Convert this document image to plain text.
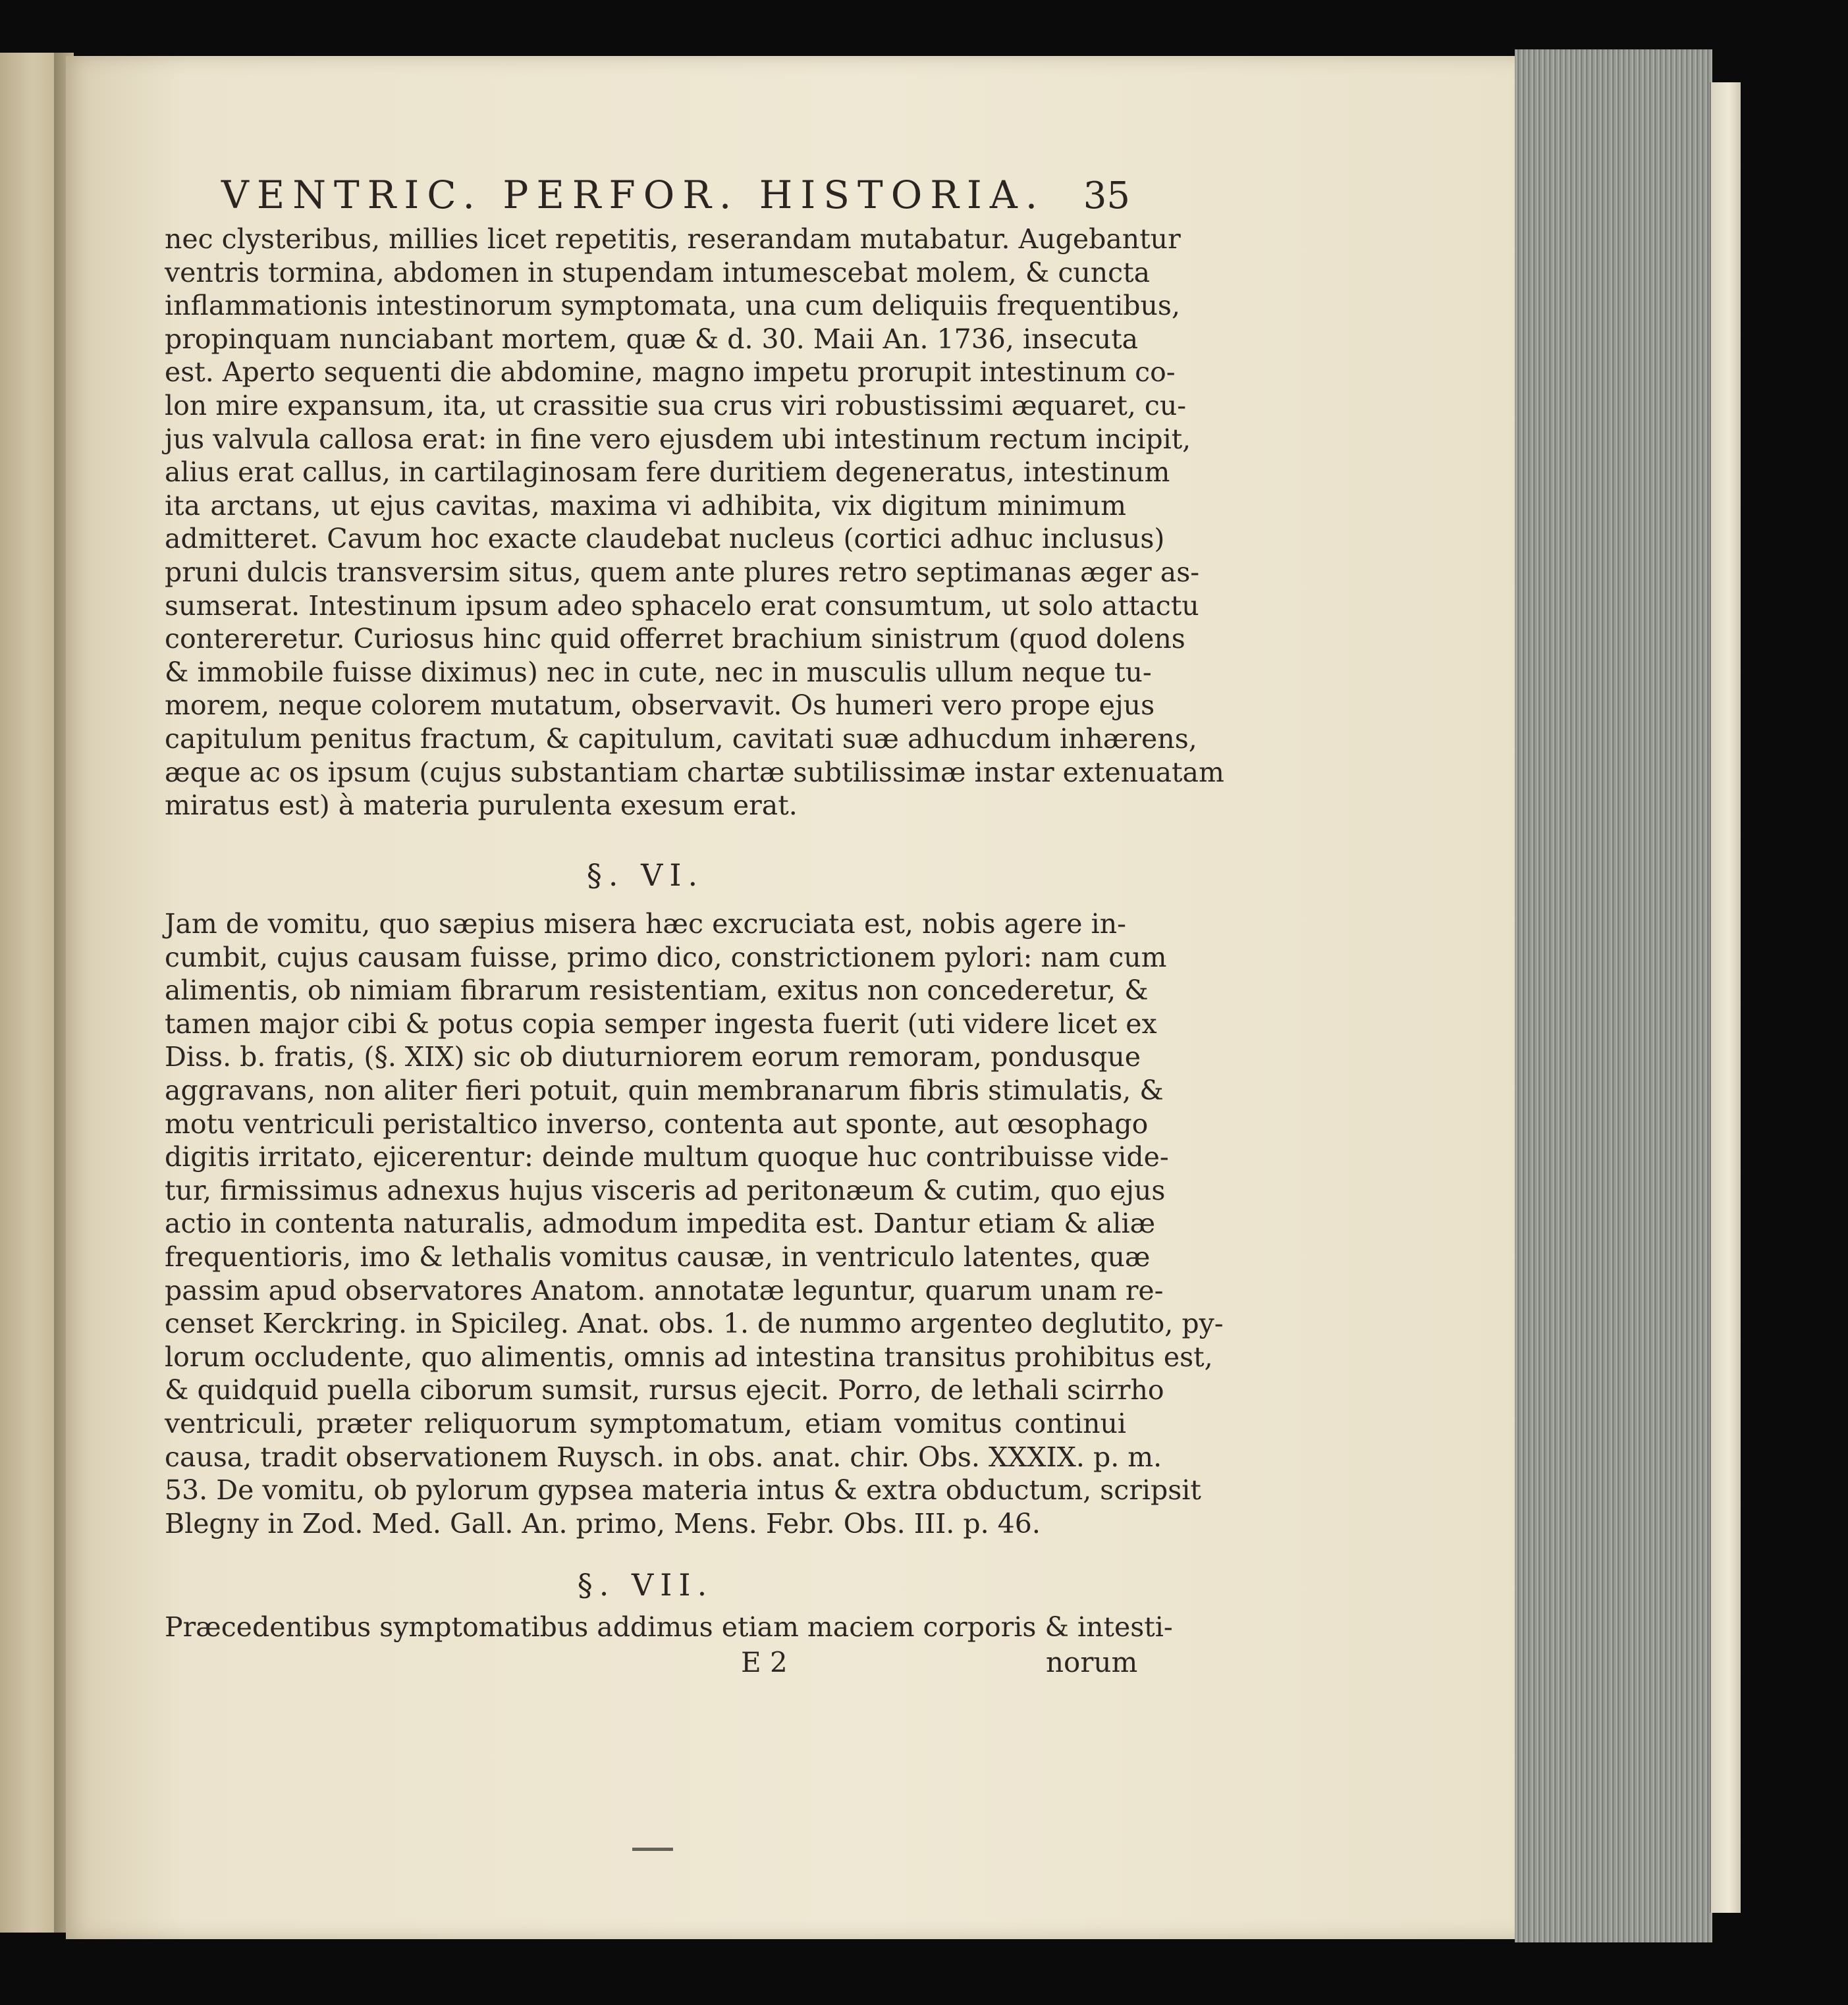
VENTRIC. PERFOR. HISTORIA. 35
nec clysteribus, millies licet repetitis, reserandam mutabatur. Augebantur
ventris tormina, abdomen in stupendam intumescebat molem, & cuncta
inflammationis intestinorum symptomata, una cum deliquiis frequentibus,
propinquam nunciabant mortem, quæ & d. 30. Maii An. 1736, insecuta
est. Aperto sequenti die abdomine, magno impetu prorupit intestinum co-
lon mire expansum, ita, ut crassitie sua crus viri robustissimi æquaret, cu-
jus valvula callosa erat: in fine vero ejusdem ubi intestinum rectum incipit,
alius erat callus, in cartilaginosam fere duritiem degeneratus, intestinum
ita arctans, ut ejus cavitas, maxima vi adhibita, vix digitum minimum
admitteret. Cavum hoc exacte claudebat nucleus (cortici adhuc inclusus)
pruni dulcis transversim situs, quem ante plures retro septimanas æger as-
sumserat. Intestinum ipsum adeo sphacelo erat consumtum, ut solo attactu
contereretur. Curiosus hinc quid offerret brachium sinistrum (quod dolens
& immobile fuisse diximus) nec in cute, nec in musculis ullum neque tu-
morem, neque colorem mutatum, observavit. Os humeri vero prope ejus
capitulum penitus fractum, & capitulum, cavitati suæ adhucdum inhærens,
æque ac os ipsum (cujus substantiam chartæ subtilissimæ instar extenuatam
miratus est) à materia purulenta exesum erat.
§. VI.
Jam de vomitu, quo sæpius misera hæc excruciata est, nobis agere in-
cumbit, cujus causam fuisse, primo dico, constrictionem pylori: nam cum
alimentis, ob nimiam fibrarum resistentiam, exitus non concederetur, &
tamen major cibi & potus copia semper ingesta fuerit (uti videre licet ex
Diss. b. fratis, (§. XIX) sic ob diuturniorem eorum remoram, pondusque
aggravans, non aliter fieri potuit, quin membranarum fibris stimulatis, &
motu ventriculi peristaltico inverso, contenta aut sponte, aut œsophago
digitis irritato, ejicerentur: deinde multum quoque huc contribuisse vide-
tur, firmissimus adnexus hujus visceris ad peritonæum & cutim, quo ejus
actio in contenta naturalis, admodum impedita est. Dantur etiam & aliæ
frequentioris, imo & lethalis vomitus causæ, in ventriculo latentes, quæ
passim apud observatores Anatom. annotatæ leguntur, quarum unam re-
censet Kerckring. in Spicileg. Anat. obs. 1. de nummo argenteo deglutito, py-
lorum occludente, quo alimentis, omnis ad intestina transitus prohibitus est,
& quidquid puella ciborum sumsit, rursus ejecit. Porro, de lethali scirrho
ventriculi, præter reliquorum symptomatum, etiam vomitus continui
causa, tradit observationem Ruysch. in obs. anat. chir. Obs. XXXIX. p. m.
53. De vomitu, ob pylorum gypsea materia intus & extra obductum, scripsit
Blegny in Zod. Med. Gall. An. primo, Mens. Febr. Obs. III. p. 46.
§. VII.
Præcedentibus symptomatibus addimus etiam maciem corporis & intesti-
E 2	norum
